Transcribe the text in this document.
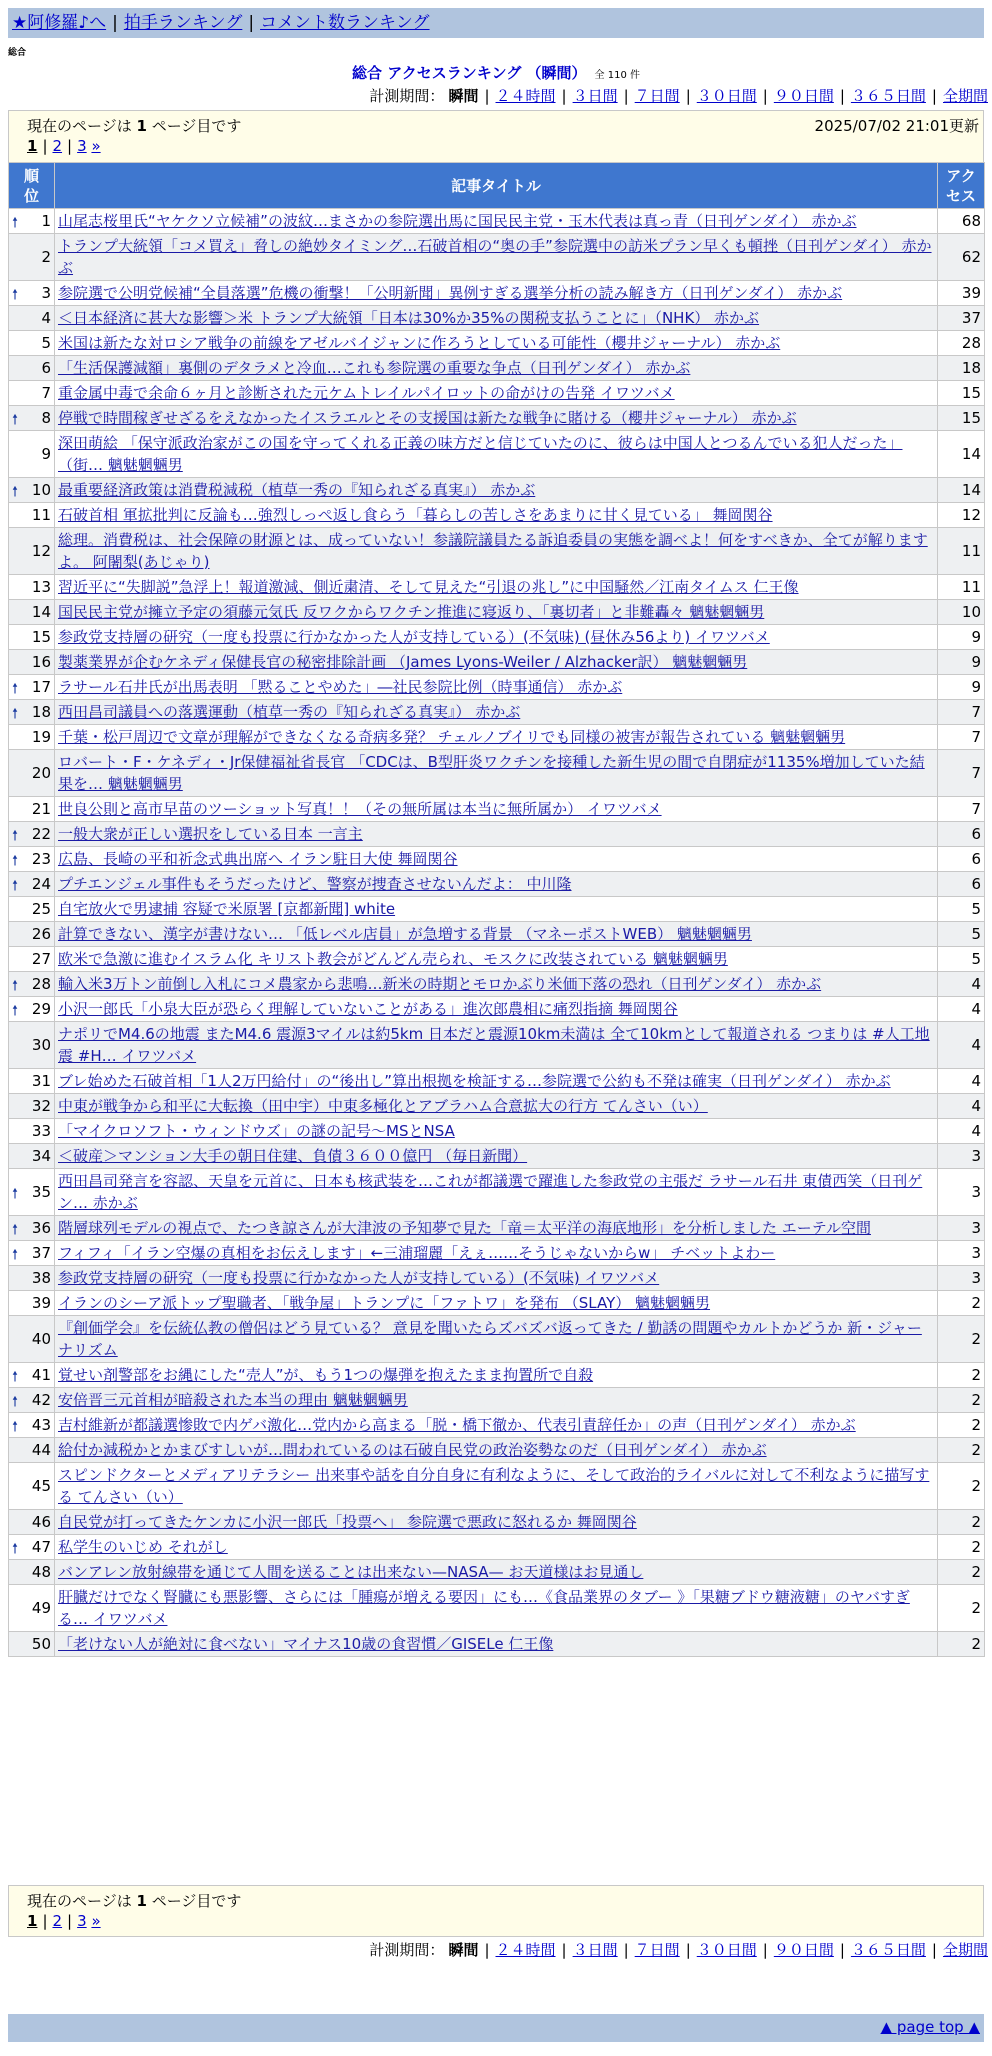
★阿修羅♪へ | 拍手ランキング | コメント数ランキング
総合
総合 アクセスランキング （瞬間） 全 110 件
計測期間： 瞬間 | ２４時間 | ３日間 | ７日間 | ３０日間 | ９０日間 | ３６５日間 | 全期間
現在のページは 1 ページ目です	2025/07/02 21:01更新
1 | 2 | 3 »
順
位	記事タイトル	アク
セス

🠕 1	山尾志桜里氏“ヤケクソ立候補”の波紋…まさかの参院選出馬に国民民主党・玉木代表は真っ青（日刊ゲンダイ） 赤かぶ	68
2	トランプ大統領「コメ買え」脅しの絶妙タイミング…石破首相の“奥の手”参院選中の訪米プラン早くも頓挫（日刊ゲンダイ） 赤かぶ	62

🠕 3	参院選で公明党候補“全員落選”危機の衝撃！「公明新聞」異例すぎる選挙分析の読み解き方（日刊ゲンダイ） 赤かぶ	39
4	＜日本経済に甚大な影響＞米 トランプ大統領「日本は30%か35%の関税支払うことに」（NHK） 赤かぶ	37
5	米国は新たな対ロシア戦争の前線をアゼルバイジャンに作ろうとしている可能性（櫻井ジャーナル） 赤かぶ	28
6	「生活保護減額」裏側のデタラメと冷血…これも参院選の重要な争点（日刊ゲンダイ） 赤かぶ	18
7	重金属中毒で余命６ヶ月と診断された元ケムトレイルパイロットの命がけの告発 イワツバメ	15

🠕 8	停戦で時間稼ぎせざるをえなかったイスラエルとその支援国は新たな戦争に賭ける（櫻井ジャーナル） 赤かぶ	15
9	深田萌絵 「保守派政治家がこの国を守ってくれる正義の味方だと信じていたのに、彼らは中国人とつるんでいる犯人だった」（街… 魑魅魍魎男	14

🠕 10	最重要経済政策は消費税減税（植草一秀の『知られざる真実』） 赤かぶ	14
11	石破首相 軍拡批判に反論も…強烈しっぺ返し食らう「暮らしの苦しさをあまりに甘く見ている」 舞岡関谷	12
12	総理。消費税は、社会保障の財源とは、成っていない！参議院議員たる訴追委員の実態を調べよ！何をすべきか、全てが解りますよ。 阿闍梨(あじゃり)	11
13	習近平に“失脚説”急浮上！報道激減、側近粛清、そして見えた“引退の兆し”に中国騒然／江南タイムス 仁王像	11
14	国民民主党が擁立予定の須藤元気氏 反ワクからワクチン推進に寝返り、「裏切者」と非難轟々 魑魅魍魎男	10
15	参政党支持層の研究（一度も投票に行かなかった人が支持している）(不気味) (昼休み56より) イワツバメ	9
16	製薬業界が企むケネディ保健長官の秘密排除計画 （James Lyons-Weiler / Alzhacker訳） 魑魅魍魎男	9

🠕 17	ラサール石井氏が出馬表明 「黙ることやめた」―社民参院比例（時事通信） 赤かぶ	9

🠕 18	西田昌司議員への落選運動（植草一秀の『知られざる真実』） 赤かぶ	7
19	千葉・松戸周辺で文章が理解ができなくなる奇病多発？ チェルノブイリでも同様の被害が報告されている 魑魅魍魎男	7
20	ロバート・F・ケネディ・Jr保健福祉省長官 「CDCは、B型肝炎ワクチンを接種した新生児の間で自閉症が1135%増加していた結果を… 魑魅魍魎男	7
21	世良公則と高市早苗のツーショット写真！！（その無所属は本当に無所属か） イワツバメ	7

🠕 22	一般大衆が正しい選択をしている日本 一言主	6

🠕 23	広島、長崎の平和祈念式典出席へ イラン駐日大使 舞岡関谷	6

🠕 24	プチエンジェル事件もそうだったけど、警察が捜査させないんだよ： 中川隆	6
25	自宅放火で男逮捕 容疑で米原署 [京都新聞] white	5
26	計算できない、漢字が書けない… 「低レベル店員」が急増する背景 （マネーポストWEB） 魑魅魍魎男	5
27	欧米で急激に進むイスラム化 キリスト教会がどんどん売られ、モスクに改装されている 魑魅魍魎男	5

🠕 28	輸入米3万トン前倒し入札にコメ農家から悲鳴…新米の時期とモロかぶり米価下落の恐れ（日刊ゲンダイ） 赤かぶ	4

🠕 29	小沢一郎氏「小泉大臣が恐らく理解していないことがある」進次郎農相に痛烈指摘 舞岡関谷	4
30	ナポリでM4.6の地震 またM4.6 震源3マイルは約5km 日本だと震源10km未満は 全て10kmとして報道される つまりは #人工地震 #H… イワツバメ	4
31	ブレ始めた石破首相「1人2万円給付」の“後出し”算出根拠を検証する…参院選で公約も不発は確実（日刊ゲンダイ） 赤かぶ	4
32	中東が戦争から和平に大転換（田中宇）中東多極化とアブラハム合意拡大の行方 てんさい（い）	4
33	「マイクロソフト・ウィンドウズ」の謎の記号～MSとNSA	4
34	＜破産＞マンション大手の朝日住建、負債３６００億円 （毎日新聞）	3

🠕 35	西田昌司発言を容認、天皇を元首に、日本も核武装を…これが都議選で躍進した参政党の主張だ ラサール石井 東債西笑（日刊ゲン… 赤かぶ	3

🠕 36	階層球列モデルの視点で、たつき諒さんが大津波の予知夢で見た「竜＝太平洋の海底地形」を分析しました エーテル空間	3

🠕 37	フィフィ「イラン空爆の真相をお伝えします」←三浦瑠麗「えぇ……そうじゃないからw」 チベットよわー	3
38	参政党支持層の研究（一度も投票に行かなかった人が支持している）(不気味) イワツバメ	3
39	イランのシーア派トップ聖職者、「戦争屋」トランプに「ファトワ」を発布 （SLAY） 魑魅魍魎男	2
40	『創価学会』を伝統仏教の僧侶はどう見ている？ 意見を聞いたらズバズバ返ってきた / 勤誘の問題やカルトかどうか 新・ジャーナリズム	2

🠕 41	覚せい剤警部をお縄にした“売人”が、もう1つの爆弾を抱えたまま拘置所で自殺	2

🠕 42	安倍晋三元首相が暗殺された本当の理由 魑魅魍魎男	2

🠕 43	吉村維新が都議選惨敗で内ゲバ激化…党内から高まる「脱・橋下徹か、代表引責辞任か」の声（日刊ゲンダイ） 赤かぶ	2
44	給付か減税かとかまびすしいが…問われているのは石破自民党の政治姿勢なのだ（日刊ゲンダイ） 赤かぶ	2
45	スピンドクターとメディアリテラシー 出来事や話を自分自身に有利なように、そして政治的ライバルに対して不利なように描写する てんさい（い）	2
46	自民党が打ってきたケンカに小沢一郎氏「投票へ」 参院選で悪政に怒れるか 舞岡関谷	2

🠕 47	私学生のいじめ それがし	2
48	バンアレン放射線帯を通じて人間を送ることは出来ない—NASA— お天道様はお見通し	2
49	肝臓だけでなく腎臓にも悪影響、さらには「腫瘍が増える要因」にも…《食品業界のタブー 》「果糖ブドウ糖液糖」のヤバすぎる… イワツバメ	2
50	「老けない人が絶対に食べない」マイナス10歳の食習慣／GISELe 仁王像	2
現在のページは 1 ページ目です
1 | 2 | 3 »
計測期間： 瞬間 | ２４時間 | ３日間 | ７日間 | ３０日間 | ９０日間 | ３６５日間 | 全期間
▲ page top ▲
